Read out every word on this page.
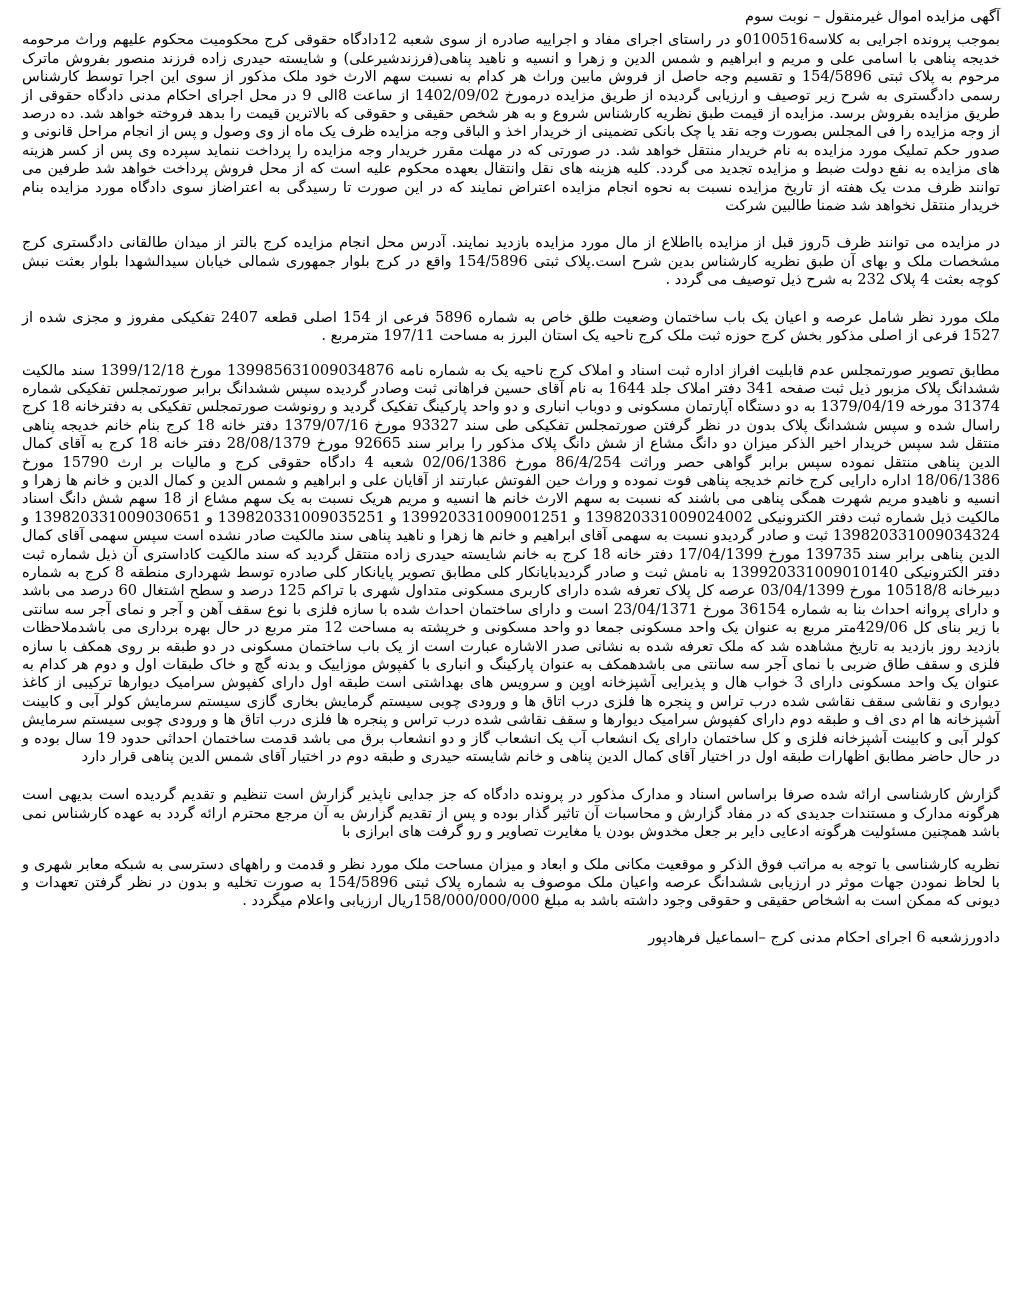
آگهی مزایده اموال غیرمنقول – نوبت سوم

بموجب پرونده اجرایی به کلاسه0100516و در راستای اجرای مفاد و اجراییه صادره از سوی شعبه 12دادگاه حقوقی کرج محکومیت محکوم علیهم وراث مرحومه خدیجه پناهی با اسامی علی و مریم و ابراهیم و شمس الدین و زهرا و انسیه و ناهید پناهی(فرزندشیرعلی) و شایسته حیدری زاده فرزند منصور بفروش ماترک مرحوم به پلاک ثبتی 154/5896 و تقسیم وجه حاصل از فروش مابین وراث هر کدام به نسبت سهم الارث خود ملک مذکور از سوی این اجرا توسط کارشناس رسمی دادگستری به شرح زیر توصیف و ارزیابی گردیده از طریق مزایده درمورخ 1402/09/02 از ساعت 8الی 9 در محل اجرای احکام مدنی دادگاه حقوقی از طریق مزایده بفروش برسد. مزایده از قیمت طبق نظریه کارشناس شروع و به هر شخص حقیقی و حقوقی که بالاترین قیمت را بدهد فروخته خواهد شد. ده درصد از وجه مزایده را فی المجلس بصورت وجه نقد یا چک بانکی تضمینی از خریدار اخذ و الباقی وجه مزایده ظرف یک ماه از وی وصول و پس از انجام مراحل قانونی و صدور حکم تملیک مورد مزایده به نام خریدار منتقل خواهد شد. در صورتی که در مهلت مقرر خریدار وجه مزایده را پرداخت ننماید سپرده وی پس از کسر هزینه های مزایده به نفع دولت ضبط و مزایده تجدید می گردد. کلیه هزینه های نقل وانتقال بعهده محکوم علیه است که از محل فروش پرداخت خواهد شد طرفین می توانند ظرف مدت یک هفته از تاریخ مزایده نسبت به نحوه انجام مزایده اعتراض نمایند که در این صورت تا رسیدگی به اعتراضاز سوی دادگاه مورد مزایده بنام خریدار منتقل نخواهد شد ضمنا طالبین شرکت

در مزایده می توانند ظرف 5روز قبل از مزایده بااطلاع از مال مورد مزایده بازدید نمایند. آدرس محل انجام مزایده کرج بالتر از میدان طالقانی دادگستری کرج مشخصات ملک و بهای آن طبق نظریه کارشناس بدین شرح است.پلاک ثبتی 154/5896 واقع در کرج بلوار جمهوری شمالی خیابان سیدالشهدا بلوار بعثت نبش کوچه بعثت 4 پلاک 232 به شرح ذیل توصیف می گردد .

ملک مورد نظر شامل عرصه و اعیان یک باب ساختمان وضعیت طلق خاص به شماره 5896 فرعی از 154 اصلی قطعه 2407 تفکیکی مفروز و مجزی شده از 1527 فرعی از اصلی مذکور بخش کرج حوزه ثبت ملک کرج ناحیه یک استان البرز به مساحت 197/11 مترمربع .

مطابق تصویر صورتمجلس عدم قابلیت افراز اداره ثبت اسناد و املاک کرج ناحیه یک به شماره نامه 139985631009034876 مورخ 1399/12/18 سند مالکیت ششدانگ پلاک مزبور ذیل ثبت صفحه 341 دفتر املاک جلد 1644 به نام آقای حسین فراهانی ثبت وصادر گردیده سپس ششدانگ برابر صورتمجلس تفکیکی شماره 31374 مورخه 1379/04/19 به دو دستگاه آپارتمان مسکونی و دوباب انباری و دو واحد پارکینگ تفکیک گردید و رونوشت صورتمجلس تفکیکی به دفترخانه 18 کرج راسال شده و سپس ششدانگ پلاک بدون در نظر گرفتن صورتمجلس تفکیکی طی سند 93327 مورخ 1379/07/16 دفتر خانه 18 کرج بنام خانم خدیجه پناهی منتقل شد سپس خریدار اخیر الذکر میزان دو دانگ مشاع از شش دانگ پلاک مذکور را برابر سند 92665 مورخ 28/08/1379 دفتر خانه 18 کرج به آقای کمال الدین پناهی منتقل نموده سپس برابر گواهی حصر وراثت 86/4/254 مورخ 02/06/1386 شعبه 4 دادگاه حقوقی کرج و مالیات بر ارث 15790 مورخ 18/06/1386 اداره دارایی کرج خانم خدیجه پناهی فوت نموده و وراث حین الفوتش عبارتند از آقایان علی و ابراهیم و شمس الدین و کمال الدین و خانم ها زهرا و انسیه و ناهیدو مریم شهرت همگی پناهی می باشند که نسبت به سهم الارث خانم ها انسیه و مریم هریک نسبت به یک سهم مشاع از 18 سهم شش دانگ اسناد مالکیت ذیل شماره ثبت دفتر الکترونیکی 139820331009024002 و 139920331009001251 و 139820331009035251 و 139820331009030651 و 139820331009034324 ثبت و صادر گردیدو نسبت به سهمی آقای ابراهیم و خانم ها زهرا و ناهید پناهی سند مالکیت صادر نشده است سپس سهمی آقای کمال الدین پناهی برابر سند 139735 مورخ 17/04/1399 دفتر خانه 18 کرج به خانم شایسته حیدری زاده منتقل گردید که سند مالکیت کاداستری آن ذیل شماره ثبت دفتر الکترونیکی 139920331009010140 به نامش ثبت و صادر گردیدبایانکار کلی مطابق تصویر پایانکار کلی صادره توسط شهرداری منطقه 8 کرج به شماره دبیرخانه 10518/8 مورخ 03/04/1399 عرصه کل پلاک تعرفه شده دارای کاربری مسکونی متداول شهری با تراکم 125 درصد و سطح اشتغال 60 درصد می باشد و دارای پروانه احداث بنا به شماره 36154 مورخ 23/04/1371 است و دارای ساختمان احداث شده با سازه فلزی با نوع سقف آهن و آجر و نمای آجر سه سانتی با زیر بنای کل 429/06متر مربع به عنوان یک واحد مسکونی جمعا دو واحد مسکونی و خرپشته به مساحت 12 متر مربع در حال بهره برداری می باشدملاحظات بازدید روز بازدید به تاریخ مشاهده شد که ملک تعرفه شده به نشانی صدر الاشاره عبارت است از یک باب ساختمان مسکونی در دو طبقه بر روی همکف با سازه فلزی و سقف طاق ضربی با نمای آجر سه سانتی می باشدهمکف به عنوان پارکینگ و انباری با کفپوش موزاییک و بدنه گچ و خاک طبقات اول و دوم هر کدام به عنوان یک واحد مسکونی دارای 3 خواب هال و پذیرایی آشپزخانه اوپن و سرویس های بهداشتی است طبقه اول دارای کفپوش سرامیک دیوارها ترکیبی از کاغذ دیواری و نقاشی سقف نقاشی شده درب تراس و پنجره ها فلزی درب اتاق ها و ورودی چوبی سیستم گرمایش بخاری گازی سیستم سرمایش کولر آبی و کابینت آشپزخانه ها ام دی اف و طبقه دوم دارای کفپوش سرامیک دیوارها و سقف نقاشی شده درب تراس و پنجره ها فلزی درب اتاق ها و ورودی چوبی سیستم سرمایش کولر آبی و کابینت آشپزخانه فلزی و کل ساختمان دارای یک انشعاب آب یک انشعاب گاز و دو انشعاب برق می باشد قدمت ساختمان احداثی حدود 19 سال بوده و در حال حاضر مطابق اظهارات طبقه اول در اختیار آقای کمال الدین پناهی و خانم شایسته حیدری و طبقه دوم در اختیار آقای شمس الدین پناهی قرار دارد

گزارش کارشناسی ارائه شده صرفا براساس اسناد و مدارک مذکور در پرونده دادگاه که جز جدایی ناپذیر گزارش است تنظیم و تقدیم گردیده است بدیهی است هرگونه مدارک و مستندات جدیدی که در مفاد گزارش و محاسبات آن تاثیر گذار بوده و پس از تقدیم گزارش به آن مرجع محترم ارائه گردد به عهده کارشناس نمی باشد همچنین مسئولیت هرگونه ادعایی دایر بر جعل مخدوش بودن یا مغایرت تصاویر و رو گرفت های ابرازی با

نظریه کارشناسی با توجه به مراتب فوق الذکر و موقعیت مکانی ملک و ابعاد و میزان مساحت ملک مورد نظر و قدمت و راههای دسترسی به شبکه معابر شهری و با لحاظ نمودن جهات موثر در ارزیابی ششدانگ عرصه واعیان ملک موصوف به شماره پلاک ثبتی 154/5896 به صورت تخلیه و بدون در نظر گرفتن تعهدات و دیونی که ممکن است به اشخاص حقیقی و حقوقی وجود داشته باشد به مبلغ 158/000/000/000ریال ارزیابی واعلام میگردد .

دادورزشعبه 6 اجرای احکام مدنی کرج –اسماعیل فرهادپور
